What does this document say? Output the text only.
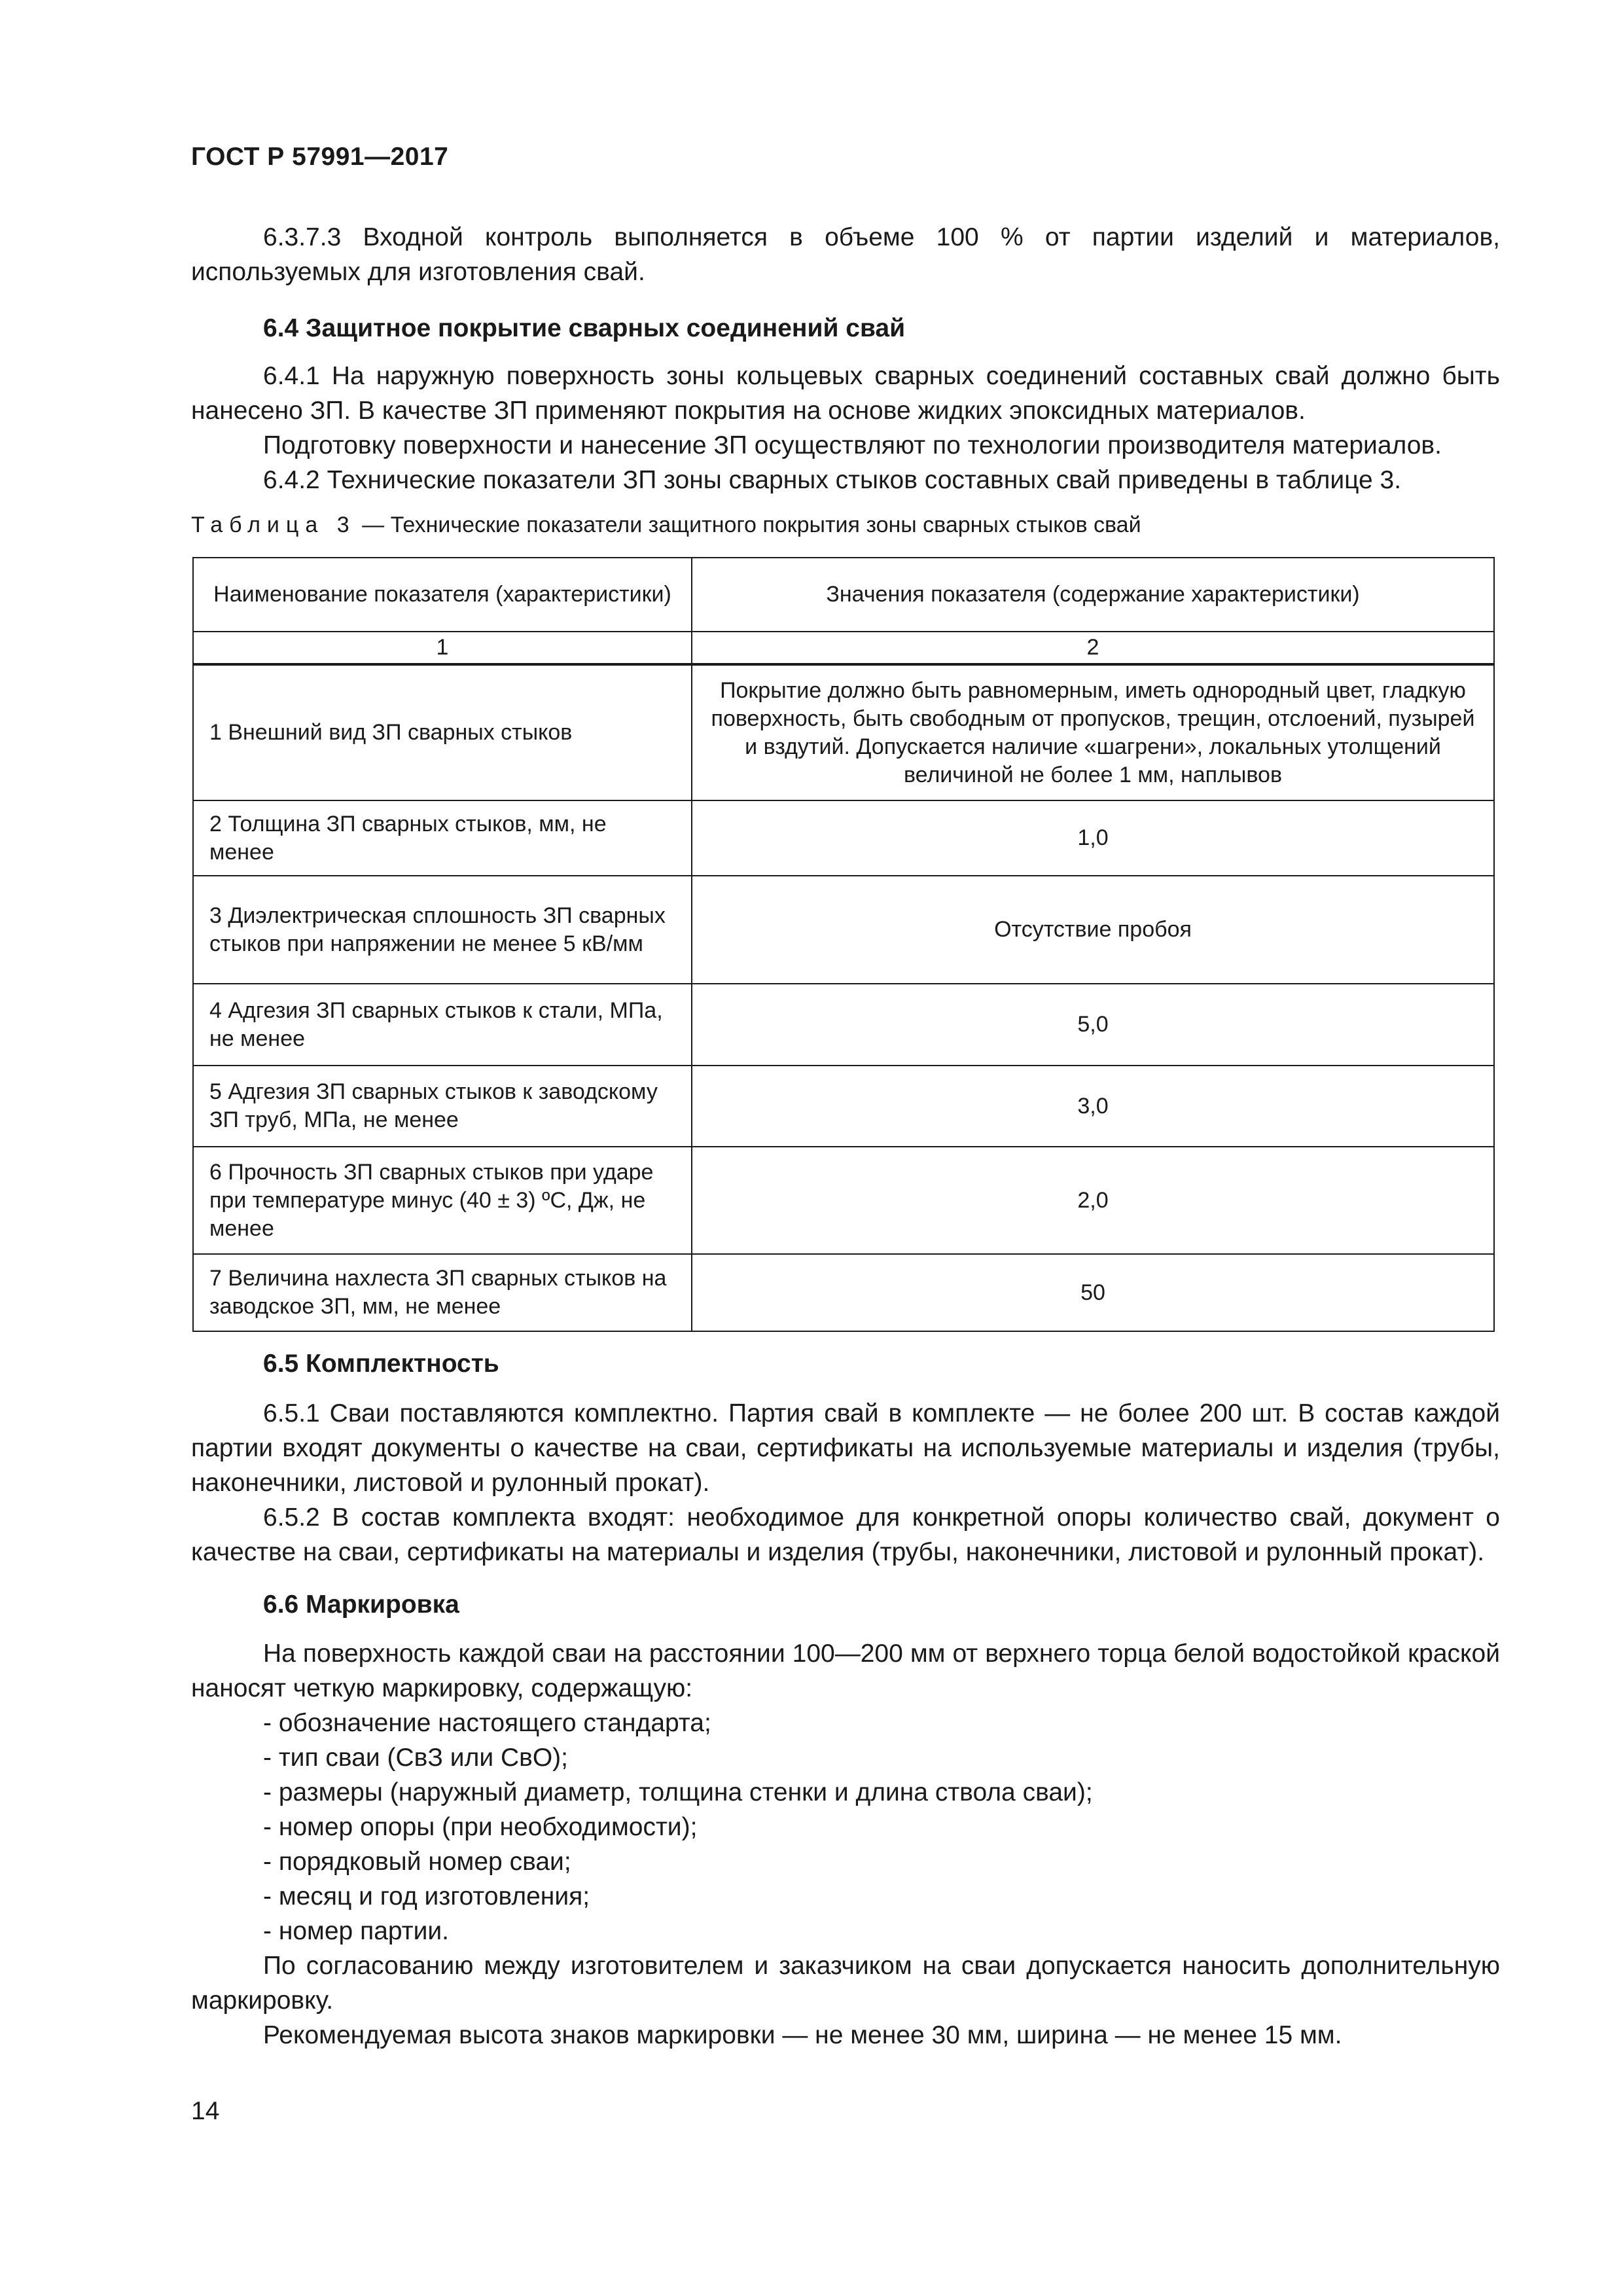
ГОСТ Р 57991—2017
6.3.7.3 Входной контроль выполняется в объеме 100 % от партии изделий и материалов, используемых для изготовления свай.
6.4 Защитное покрытие сварных соединений свай
6.4.1 На наружную поверхность зоны кольцевых сварных соединений составных свай должно быть нанесено ЗП. В качестве ЗП применяют покрытия на основе жидких эпоксидных материалов.
Подготовку поверхности и нанесение ЗП осуществляют по технологии производителя материалов.
6.4.2 Технические показатели ЗП зоны сварных стыков составных свай приведены в таблице 3.
Таблица 3 — Технические показатели защитного покрытия зоны сварных стыков свай
Наименование показателя (характеристики)	Значения показателя (содержание характеристики)
1	2
1 Внешний вид ЗП сварных стыков	Покрытие должно быть равномерным, иметь однородный цвет, гладкую поверхность, быть свободным от пропусков, трещин, отслоений, пузырей и вздутий. Допускается наличие «шагрени», локальных утолщений величиной не более 1 мм, наплывов
2 Толщина ЗП сварных стыков, мм, не менее	1,0
3 Диэлектрическая сплошность ЗП сварных стыков при напряжении не менее 5 кВ/мм	Отсутствие пробоя
4 Адгезия ЗП сварных стыков к стали, МПа, не менее	5,0
5 Адгезия ЗП сварных стыков к заводскому ЗП труб, МПа, не менее	3,0
6 Прочность ЗП сварных стыков при ударе при температуре минус (40 ± 3) ºС, Дж, не менее	2,0
7 Величина нахлеста ЗП сварных стыков на заводское ЗП, мм, не менее	50
6.5 Комплектность
6.5.1 Сваи поставляются комплектно. Партия свай в комплекте — не более 200 шт. В состав каждой партии входят документы о качестве на сваи, сертификаты на используемые материалы и изделия (трубы, наконечники, листовой и рулонный прокат).
6.5.2 В состав комплекта входят: необходимое для конкретной опоры количество свай, документ о качестве на сваи, сертификаты на материалы и изделия (трубы, наконечники, листовой и рулонный прокат).
6.6 Маркировка
На поверхность каждой сваи на расстоянии 100—200 мм от верхнего торца белой водостойкой краской наносят четкую маркировку, содержащую:
- обозначение настоящего стандарта;
- тип сваи (СвЗ или СвО);
- размеры (наружный диаметр, толщина стенки и длина ствола сваи);
- номер опоры (при необходимости);
- порядковый номер сваи;
- месяц и год изготовления;
- номер партии.
По согласованию между изготовителем и заказчиком на сваи допускается наносить дополнительную маркировку.
Рекомендуемая высота знаков маркировки — не менее 30 мм, ширина — не менее 15 мм.
14
